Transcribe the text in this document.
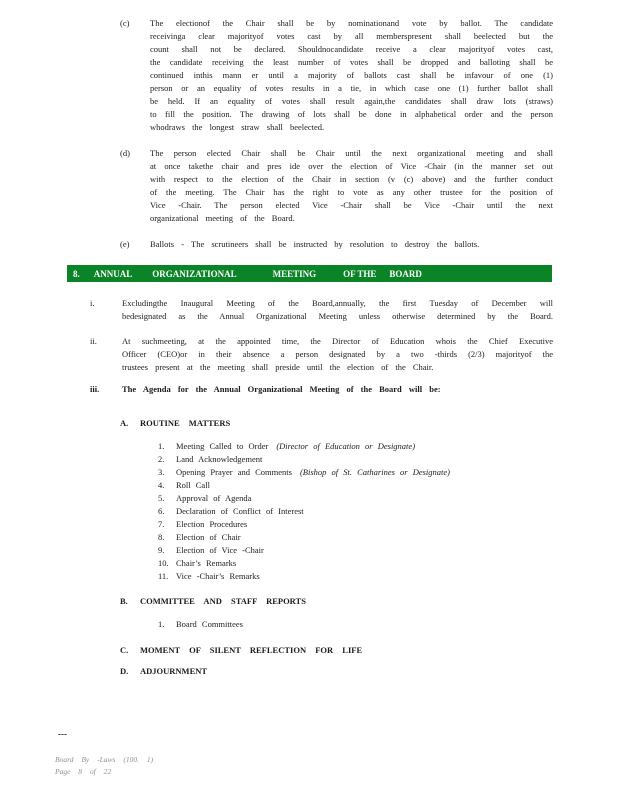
(c)	The electionof the Chair shall be by nominationand vote by ballot. The candidate
receivinga clear majorityof votes cast by all memberspresent shall beelected but the
count shall not be declared. Shouldnocandidate receive a clear majorityof votes cast,
the candidate receiving the least number of votes shall be dropped and balloting shall be
continued inthis mann er until a majority of ballots cast shall be infavour of one (1)
person or an equality of votes results in a tie, in which case one (1) further ballot shall
be held. If an equality of votes shall result again,the candidates shall draw lots (straws)
to fill the position. The drawing of lots shall be done in alphabetical order and the person
whodraws the longest straw shall beelected.
(d)	The person elected Chair shall be Chair until the next organizational meeting and shall
at once takethe chair and pres ide over the election of Vice -Chair (in the manner set out
with respect to the election of the Chair in section (v (c) above) and the further conduct
of the meeting. The Chair has the right to vote as any other trustee for the position of
Vice -Chair. The person elected Vice -Chair shall be Vice -Chair until the next
organizational meeting of the Board.
(e)	Ballots - The scrutineers shall be instructed by resolution to destroy the ballots.
8. ANNUAL ORGANIZATIONAL	MEETING	OF THE BOARD
i.	Excludingthe Inaugural Meeting of the Board,annually, the first Tuesday of December will
bedesignated as the Annual Organizational Meeting unless otherwise determined by the Board.
ii.	At suchmeeting, at the appointed time, the Director of Education whois the Chief Executive
Officer (CEO)or in their absence a person designated by a two -thirds (2/3) majorityof the
trustees present at the meeting shall preside until the election of the Chair.
iii.	The Agenda for the Annual Organizational Meeting of the Board will be:
A.	ROUTINE MATTERS
1.	Meeting Called to Order (Director of Education or Designate)
2.	Land Acknowledgement
3.	Opening Prayer and Comments (Bishop of St. Catharines or Designate)
4.	Roll Call
5.	Approval of Agenda
6.	Declaration of Conflict of Interest
7.	Election Procedures
8.	Election of Chair
9.	Election of Vice -Chair
10. Chair’s Remarks
11. Vice -Chair’s Remarks
B.	COMMITTEE AND STAFF REPORTS
1.	Board Committees
C.	MOMENT OF SILENT REFLECTION FOR LIFE
D.	ADJOURNMENT
---
Board By -Laws (100. 1)
Page 8 of 22
